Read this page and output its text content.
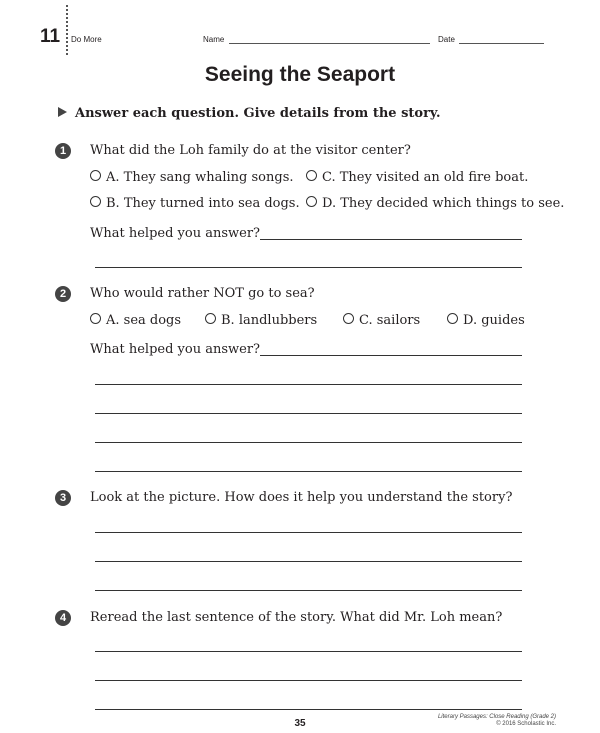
11 Do More	Name	Date
Seeing the Seaport
Answer each question. Give details from the story.
1	What did the Loh family do at the visitor center?
A. They sang whaling songs.	C. They visited an old fire boat.
B. They turned into sea dogs.	D. They decided which things to see.
What helped you answer?
2	Who would rather NOT go to sea?
A. sea dogs	B. landlubbers	C. sailors	D. guides
What helped you answer?
3	Look at the picture. How does it help you understand the story?
4	Reread the last sentence of the story. What did Mr. Loh mean?
35
Literary Passages: Close Reading (Grade 2)
© 2016 Scholastic Inc.
